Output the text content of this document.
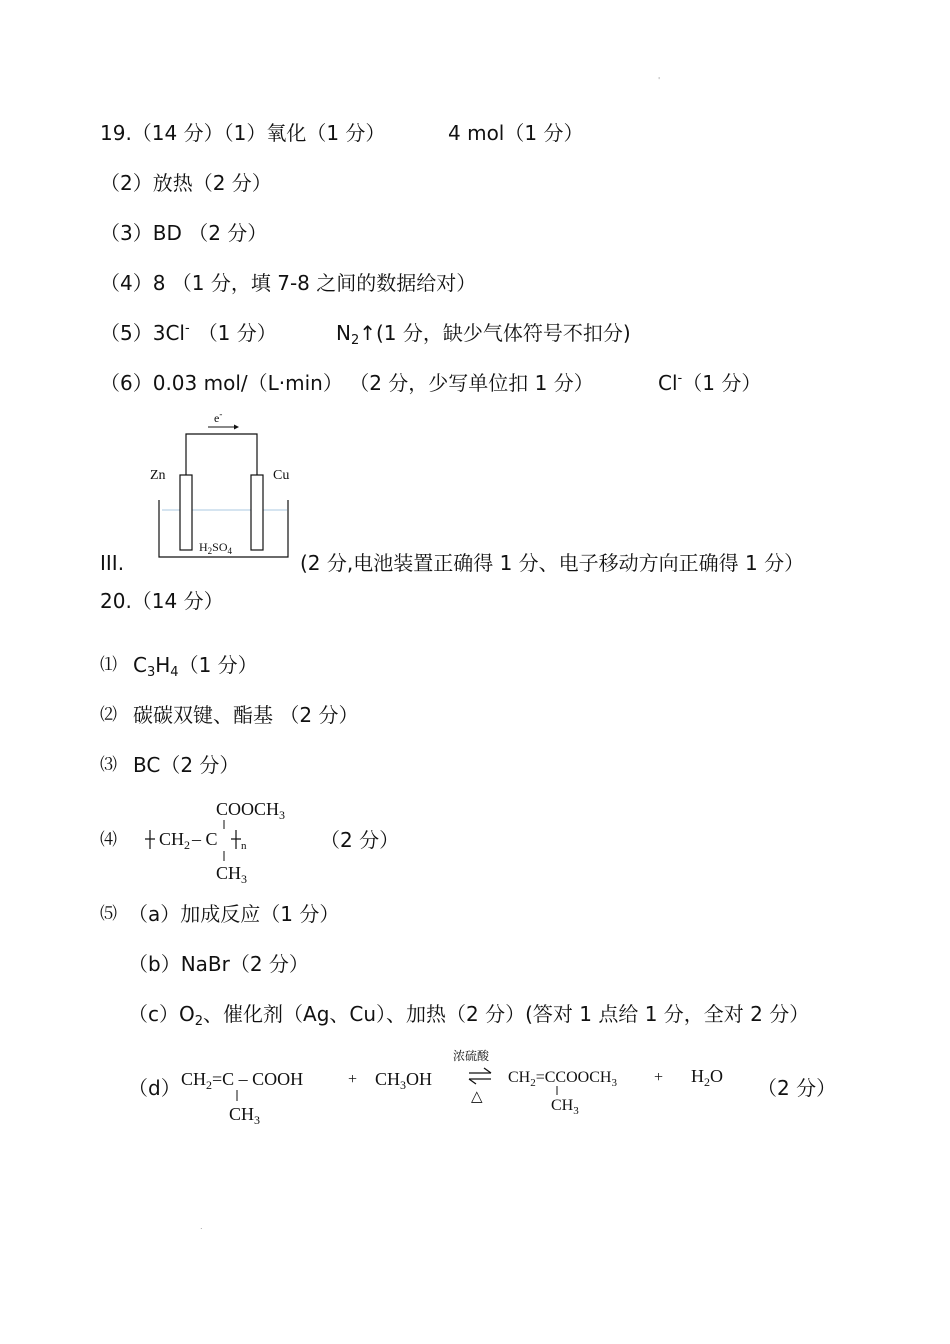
'
19.（14 分）（1）氧化（1 分）	4 mol（1 分）
（2）放热（2 分）
（3）BD （2 分）
（4）8 （1 分，填 7-8 之间的数据给对）
（5）3Cl- （1 分）	$N_2↑(1$ 分，缺少气体符号不扣分)
（6）0.03 mol/（L·min） （2 分，少写单位扣 1 分）	Cl-（1 分）
e-
Zn	Cu
$H_2SO_4$
III.	(2 分,电池装置正确得 1 分、电子移动方向正确得 1 分）
20.（14 分）
⑴ $C_3H_4(1$ 分）
⑵ 碳碳双键、酯基 （2 分）
⑶ BC（2 分）
⑷
$COOCH_3$
$CH_2$ – C n
$CH_3$
（2 分）
⑸ （a）加成反应（1 分）
（b）NaBr（2 分）
$(c)O_2$、催化剂（Ag、Cu）、加热（2 分）(答对 1 点给 1 分，全对 2 分）
（d） $CH_2=C$ – COOH
$CH_3$
+ $CH_3OH$
浓硫酸
△
$CH_2=CCOOCH_3$
$CH_3$
+ $H_2O$ （2 分）
.
